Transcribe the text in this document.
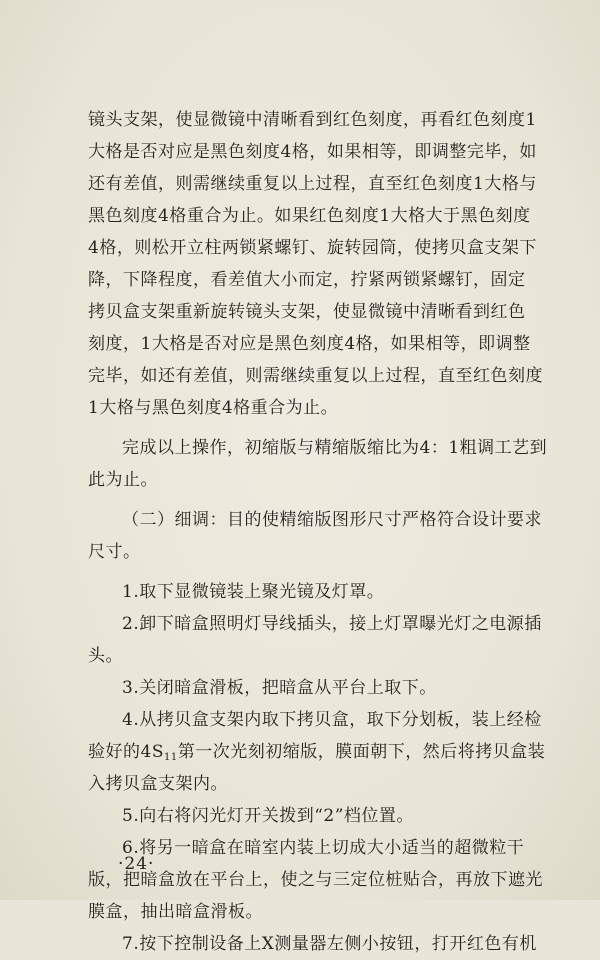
镜头支架，使显微镜中清晰看到红色刻度，再看红色刻度1
大格是否对应是黑色刻度4格，如果相等，即调整完毕，如
还有差值，则需继续重复以上过程，直至红色刻度1大格与
黑色刻度4格重合为止。如果红色刻度1大格大于黑色刻度
4格，则松开立柱两锁紧螺钉、旋转园筒，使拷贝盒支架下
降，下降程度，看差值大小而定，拧紧两锁紧螺钉，固定
拷贝盒支架重新旋转镜头支架，使显微镜中清晰看到红色
刻度，1大格是否对应是黑色刻度4格，如果相等，即调整
完毕，如还有差值，则需继续重复以上过程，直至红色刻度
1大格与黑色刻度4格重合为止。
完成以上操作，初缩版与精缩版缩比为4：1粗调工艺到
此为止。
（二）细调：目的使精缩版图形尺寸严格符合设计要求
尺寸。
1.取下显微镜装上聚光镜及灯罩。
2.卸下暗盒照明灯导线插头，接上灯罩曝光灯之电源插
头。
3.关闭暗盒滑板，把暗盒从平台上取下。
4.从拷贝盒支架内取下拷贝盒，取下分划板，装上经检
验好的$4S_{11}$第一次光刻初缩版，膜面朝下，然后将拷贝盒装
入拷贝盒支架内。
5.向右将闪光灯开关拨到“2”档位置。
6.将另一暗盒在暗室内装上切成大小适当的超微粒干
版，把暗盒放在平台上，使之与三定位桩贴合，再放下遮光
膜盒，抽出暗盒滑板。
7.按下控制设备上X测量器左侧小按钮，打开红色有机
·24·
